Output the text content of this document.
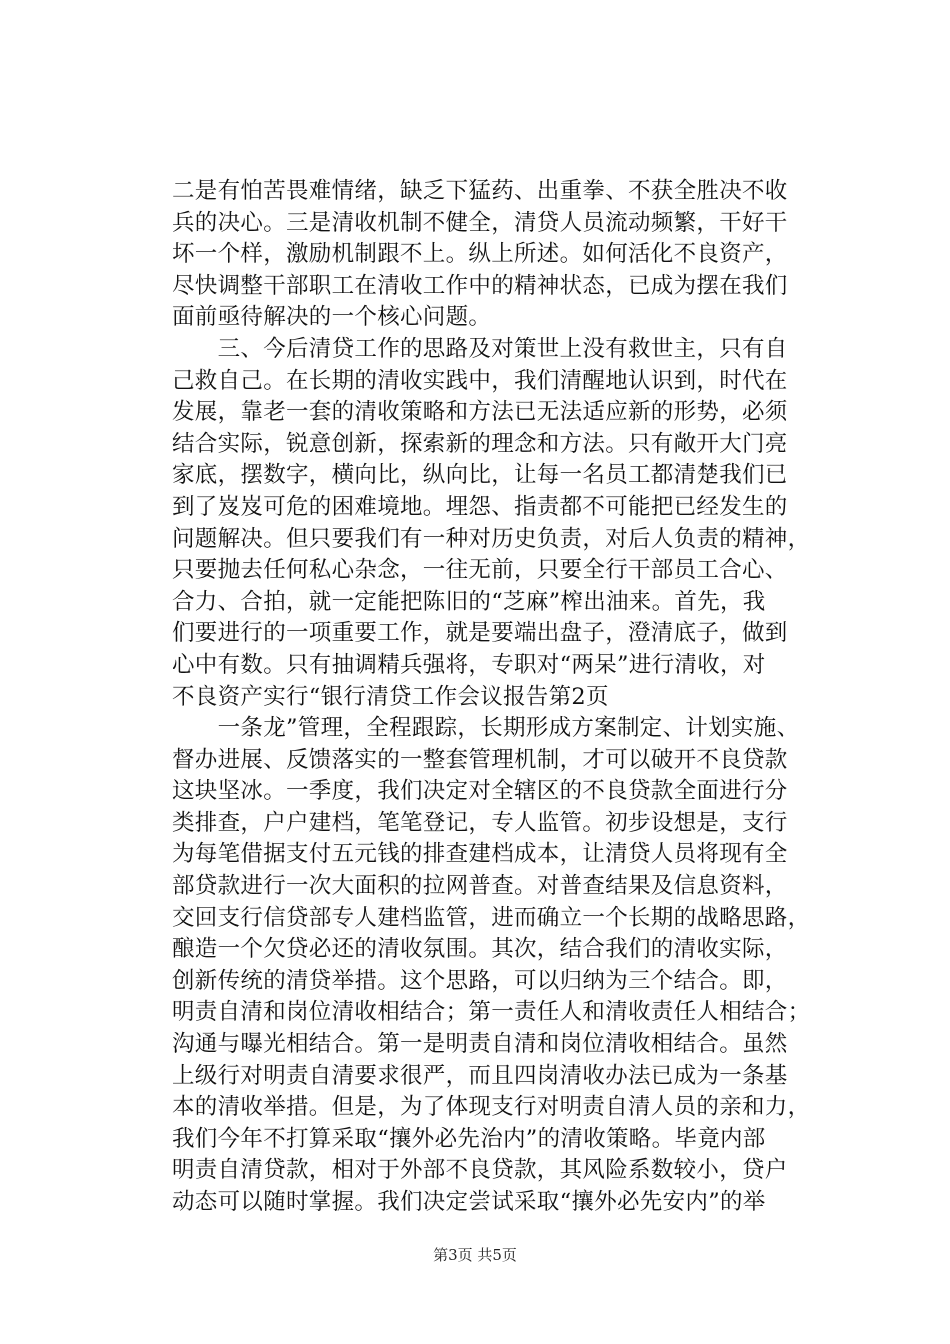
二是有怕苦畏难情绪，缺乏下猛药、出重拳、不获全胜决不收
兵的决心。三是清收机制不健全，清贷人员流动频繁，干好干
坏一个样，激励机制跟不上。纵上所述。如何活化不良资产，
尽快调整干部职工在清收工作中的精神状态，已成为摆在我们
面前亟待解决的一个核心问题。
　　三、今后清贷工作的思路及对策世上没有救世主，只有自
己救自己。在长期的清收实践中，我们清醒地认识到，时代在
发展，靠老一套的清收策略和方法已无法适应新的形势，必须
结合实际，锐意创新，探索新的理念和方法。只有敞开大门亮
家底，摆数字，横向比，纵向比，让每一名员工都清楚我们已
到了岌岌可危的困难境地。埋怨、指责都不可能把已经发生的
问题解决。但只要我们有一种对历史负责，对后人负责的精神，
只要抛去任何私心杂念，一往无前，只要全行干部员工合心、
合力、合拍，就一定能把陈旧的“芝麻”榨出油来。首先，我
们要进行的一项重要工作，就是要端出盘子，澄清底子，做到
心中有数。只有抽调精兵强将，专职对“两呆”进行清收，对
不良资产实行“银行清贷工作会议报告第2页
　　一条龙”管理，全程跟踪，长期形成方案制定、计划实施、
督办进展、反馈落实的一整套管理机制，才可以破开不良贷款
这块坚冰。一季度，我们决定对全辖区的不良贷款全面进行分
类排查，户户建档，笔笔登记，专人监管。初步设想是，支行
为每笔借据支付五元钱的排查建档成本，让清贷人员将现有全
部贷款进行一次大面积的拉网普查。对普查结果及信息资料，
交回支行信贷部专人建档监管，进而确立一个长期的战略思路，
酿造一个欠贷必还的清收氛围。其次，结合我们的清收实际，
创新传统的清贷举措。这个思路，可以归纳为三个结合。即，
明责自清和岗位清收相结合；第一责任人和清收责任人相结合；
沟通与曝光相结合。第一是明责自清和岗位清收相结合。虽然
上级行对明责自清要求很严，而且四岗清收办法已成为一条基
本的清收举措。但是，为了体现支行对明责自清人员的亲和力，
我们今年不打算采取“攘外必先治内”的清收策略。毕竟内部
明责自清贷款，相对于外部不良贷款，其风险系数较小，贷户
动态可以随时掌握。我们决定尝试采取“攘外必先安内”的举
第3页 共5页
